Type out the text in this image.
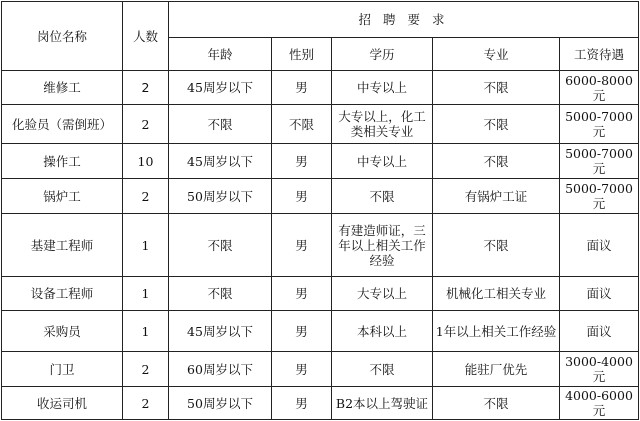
岗位名称	人数	招 聘 要 求				
		年龄	性别	学历	专业	工资待遇
维修工	2	45周岁以下	男	中专以上	不限	6000-8000元
化验员（需倒班）	2	不限	不限	大专以上，化工类相关专业	不限	5000-7000元
操作工	10	45周岁以下	男	中专以上	不限	5000-7000元
锅炉工	2	50周岁以下	男	不限	有锅炉工证	5000-7000元
基建工程师	1	不限	男	有建造师证，三年以上相关工作经验	不限	面议
设备工程师	1	不限	男	大专以上	机械化工相关专业	面议
采购员	1	45周岁以下	男	本科以上	1年以上相关工作经验	面议
门卫	2	60周岁以下	男	不限	能驻厂优先	3000-4000元
收运司机	2	50周岁以下	男	B2本以上驾驶证	不限	4000-6000元
